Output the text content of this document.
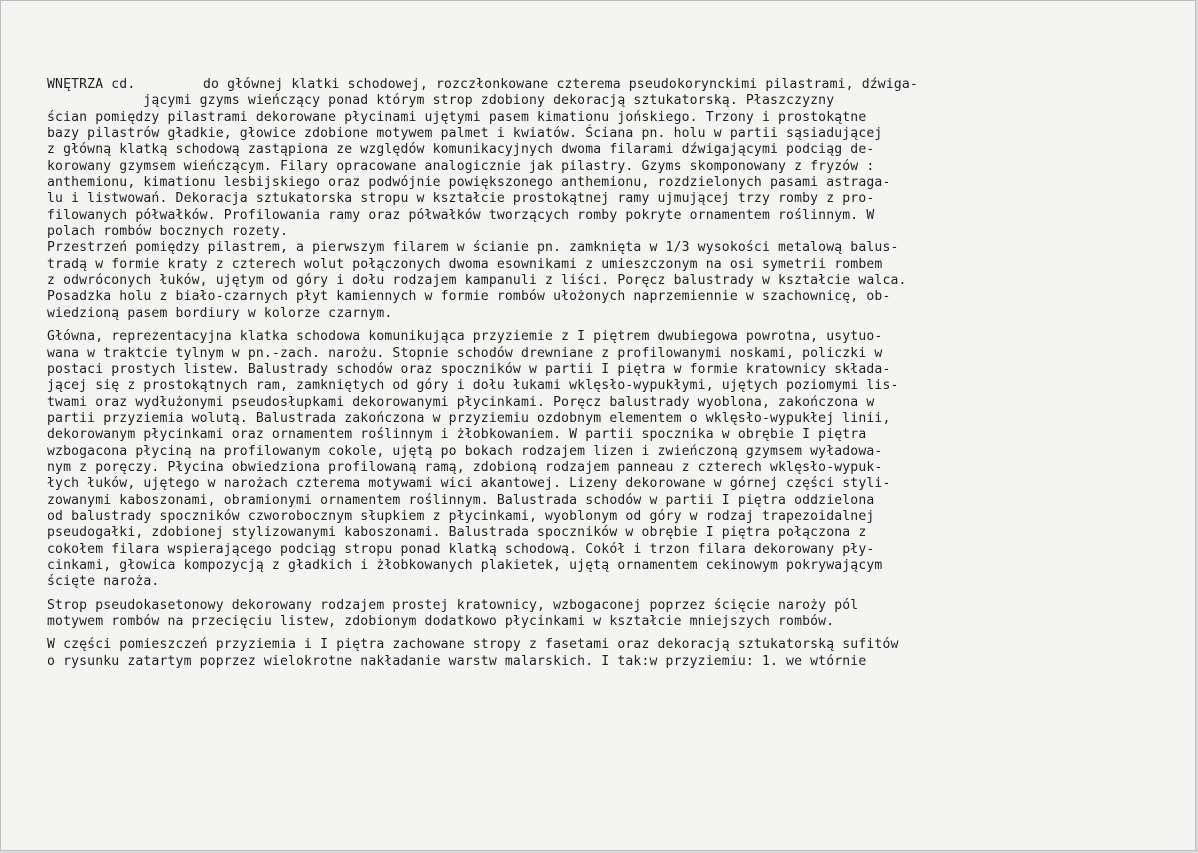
WNĘTRZA cd.

	do głównej klatki schodowej, rozczłonkowane czterema pseudokorynckimi pilastrami, dźwiga-

jącymi gzyms wieńczący ponad którym strop zdobiony dekoracją sztukatorską. Płaszczyzny
ścian pomiędzy pilastrami dekorowane płycinami ujętymi pasem kimationu jońskiego. Trzony i prostokątne
bazy pilastrów gładkie, głowice zdobione motywem palmet i kwiatów. Ściana pn. holu w partii sąsiadującej
z główną klatką schodową zastąpiona ze względów komunikacyjnych dwoma filarami dźwigającymi podciąg de-
korowany gzymsem wieńczącym. Filary opracowane analogicznie jak pilastry. Gzyms skomponowany z fryzów :
anthemionu, kimationu lesbijskiego oraz podwójnie powiększonego anthemionu, rozdzielonych pasami astraga-
lu i listwowań. Dekoracja sztukatorska stropu w kształcie prostokątnej ramy ujmującej trzy romby z pro-
filowanych półwałków. Profilowania ramy oraz półwałków tworzących romby pokryte ornamentem roślinnym. W
polach rombów bocznych rozety.
Przestrzeń pomiędzy pilastrem, a pierwszym filarem w ścianie pn. zamknięta w 1/3 wysokości metalową balus-
tradą w formie kraty z czterech wolut połączonych dwoma esownikami z umieszczonym na osi symetrii rombem
z odwróconych łuków, ujętym od góry i dołu rodzajem kampanuli z liści. Poręcz balustrady w kształcie walca.
Posadzka holu z biało-czarnych płyt kamiennych w formie rombów ułożonych naprzemiennie w szachownicę, ob-
wiedzioną pasem bordiury w kolorze czarnym.
Główna, reprezentacyjna klatka schodowa komunikująca przyziemie z I piętrem dwubiegowa powrotna, usytuo-
wana w traktcie tylnym w pn.-zach. narożu. Stopnie schodów drewniane z profilowanymi noskami, policzki w
postaci prostych listew. Balustrady schodów oraz spoczników w partii I piętra w formie kratownicy składa-
jącej się z prostokątnych ram, zamkniętych od góry i dołu łukami wklęsło-wypukłymi, ujętych poziomymi lis-
twami oraz wydłużonymi pseudosłupkami dekorowanymi płycinkami. Poręcz balustrady wyoblona, zakończona w
partii przyziemia wolutą. Balustrada zakończona w przyziemiu ozdobnym elementem o wklęsło-wypukłej linii,
dekorowanym płycinkami oraz ornamentem roślinnym i żłobkowaniem. W partii spocznika w obrębie I piętra
wzbogacona płyciną na profilowanym cokole, ujętą po bokach rodzajem lizen i zwieńczoną gzymsem wyładowa-
nym z poręczy. Płycina obwiedziona profilowaną ramą, zdobioną rodzajem panneau z czterech wklęsło-wypuk-
łych łuków, ujętego w narożach czterema motywami wici akantowej. Lizeny dekorowane w górnej części styli-
zowanymi kaboszonami, obramionymi ornamentem roślinnym. Balustrada schodów w partii I piętra oddzielona
od balustrady spoczników czworobocznym słupkiem z płycinkami, wyoblonym od góry w rodzaj trapezoidalnej
pseudogałki, zdobionej stylizowanymi kaboszonami. Balustrada spoczników w obrębie I piętra połączona z
cokołem filara wspierającego podciąg stropu ponad klatką schodową. Cokół i trzon filara dekorowany pły-
cinkami, głowica kompozycją z gładkich i żłobkowanych plakietek, ujętą ornamentem cekinowym pokrywającym
ścięte naroża.
Strop pseudokasetonowy dekorowany rodzajem prostej kratownicy, wzbogaconej poprzez ścięcie naroży pól
motywem rombów na przecięciu listew, zdobionym dodatkowo płycinkami w kształcie mniejszych rombów.
W części pomieszczeń przyziemia i I piętra zachowane stropy z fasetami oraz dekoracją sztukatorską sufitów
o rysunku zatartym poprzez wielokrotne nakładanie warstw malarskich. I tak:w przyziemiu: 1. we wtórnie
